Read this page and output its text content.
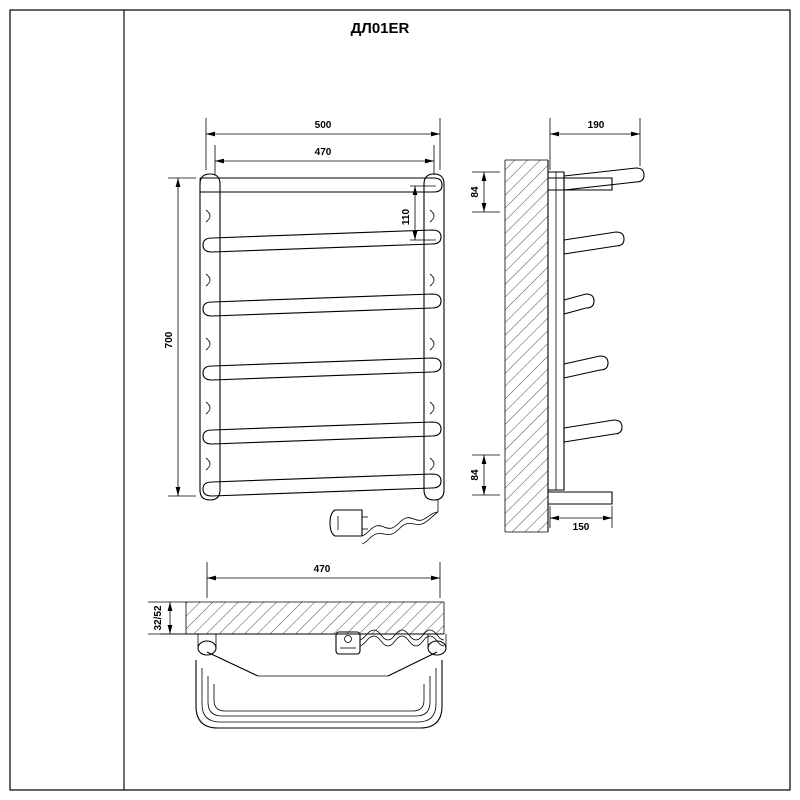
ДЛ01ER
500
470
700
110
190
150
84
84
470
32/52
